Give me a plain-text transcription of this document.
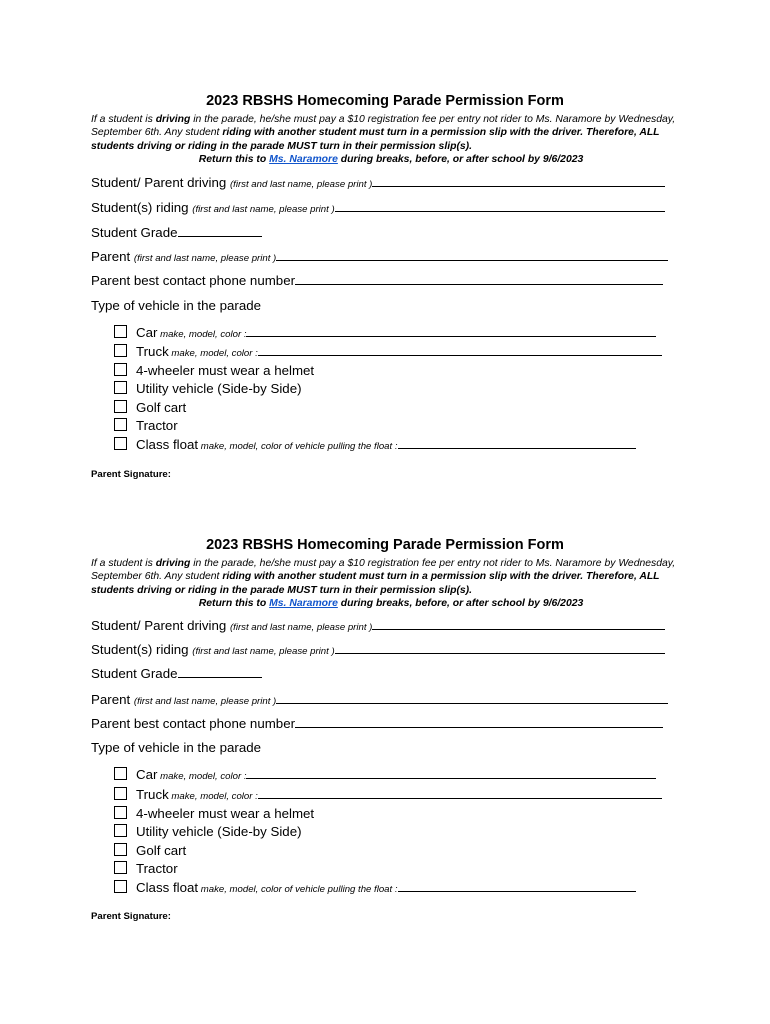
2023 RBSHS Homecoming Parade Permission Form
If a student is driving in the parade, he/she must pay a $10 registration fee per entry not rider to Ms. Naramore by Wednesday, September 6th. Any student riding with another student must turn in a permission slip with the driver. Therefore, ALL students driving or riding in the parade MUST turn in their permission slip(s).
Return this to Ms. Naramore during breaks, before, or after school by 9/6/2023
Student/ Parent driving (first and last name, please print )
Student(s) riding (first and last name, please print )
Student Grade
Parent (first and last name, please print )
Parent best contact phone number
Type of vehicle in the parade
Car make, model, color :
Truck make, model, color :
4-wheeler must wear a helmet
Utility vehicle (Side-by Side)
Golf cart
Tractor
Class float make, model, color of vehicle pulling the float :
Parent Signature:
2023 RBSHS Homecoming Parade Permission Form
If a student is driving in the parade, he/she must pay a $10 registration fee per entry not rider to Ms. Naramore by Wednesday, September 6th. Any student riding with another student must turn in a permission slip with the driver. Therefore, ALL students driving or riding in the parade MUST turn in their permission slip(s).
Return this to Ms. Naramore during breaks, before, or after school by 9/6/2023
Student/ Parent driving (first and last name, please print )
Student(s) riding (first and last name, please print )
Student Grade
Parent (first and last name, please print )
Parent best contact phone number
Type of vehicle in the parade
Car make, model, color :
Truck make, model, color :
4-wheeler must wear a helmet
Utility vehicle (Side-by Side)
Golf cart
Tractor
Class float make, model, color of vehicle pulling the float :
Parent Signature:
